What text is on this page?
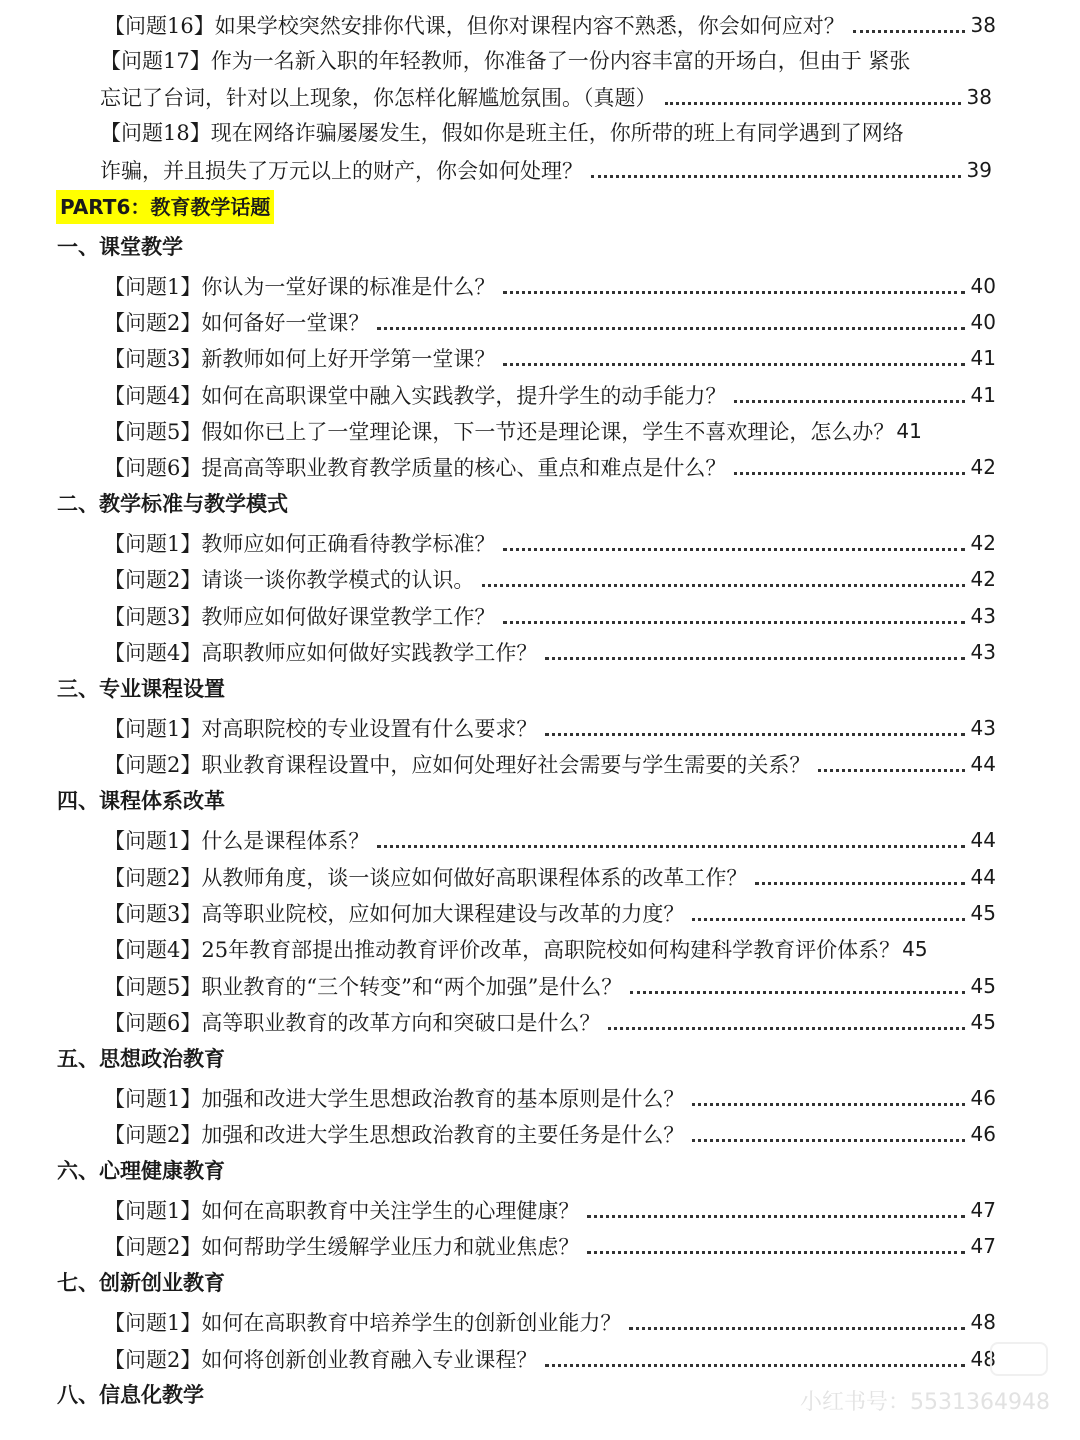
【问题16】如果学校突然安排你代课，但你对课程内容不熟悉，你会如何应对？	38
【问题17】作为一名新入职的年轻教师，你准备了一份内容丰富的开场白，但由于 紧张
忘记了台词，针对以上现象，你怎样化解尴尬氛围。（真题）	38
【问题18】现在网络诈骗屡屡发生，假如你是班主任，你所带的班上有同学遇到了网络
诈骗，并且损失了万元以上的财产，你会如何处理？	39
PART6：教育教学话题
一、课堂教学
【问题1】你认为一堂好课的标准是什么？	40
【问题2】如何备好一堂课？	40
【问题3】新教师如何上好开学第一堂课？	41
【问题4】如何在高职课堂中融入实践教学，提升学生的动手能力？	41
【问题5】假如你已上了一堂理论课，下一节还是理论课，学生不喜欢理论，怎么办？ 41
【问题6】提高高等职业教育教学质量的核心、重点和难点是什么？	42
二、教学标准与教学模式
【问题1】教师应如何正确看待教学标准？	42
【问题2】请谈一谈你教学模式的认识。	42
【问题3】教师应如何做好课堂教学工作？	43
【问题4】高职教师应如何做好实践教学工作？	43
三、专业课程设置
【问题1】对高职院校的专业设置有什么要求？	43
【问题2】职业教育课程设置中，应如何处理好社会需要与学生需要的关系？	44
四、课程体系改革
【问题1】什么是课程体系？	44
【问题2】从教师角度，谈一谈应如何做好高职课程体系的改革工作？	44
【问题3】高等职业院校，应如何加大课程建设与改革的力度？	45
【问题4】25年教育部提出推动教育评价改革，高职院校如何构建科学教育评价体系？ 45
【问题5】职业教育的“三个转变”和“两个加强”是什么？	45
【问题6】高等职业教育的改革方向和突破口是什么？	45
五、思想政治教育
【问题1】加强和改进大学生思想政治教育的基本原则是什么？	46
【问题2】加强和改进大学生思想政治教育的主要任务是什么？	46
六、心理健康教育
【问题1】如何在高职教育中关注学生的心理健康？	47
【问题2】如何帮助学生缓解学业压力和就业焦虑？	47
七、创新创业教育
【问题1】如何在高职教育中培养学生的创新创业能力？	48
【问题2】如何将创新创业教育融入专业课程？	48
八、信息化教学	小红书号：5531364948
